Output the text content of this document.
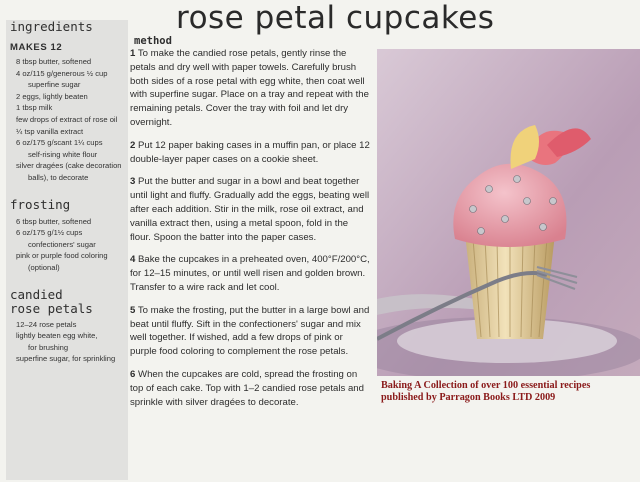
rose petal cupcakes
ingredients
MAKES 12
8 tbsp butter, softened
4 oz/115 g/generous ½ cup
superfine sugar
2 eggs, lightly beaten
1 tbsp milk
few drops of extract of rose oil
¼ tsp vanilla extract
6 oz/175 g/scant 1¼ cups
self-rising white flour
silver dragées (cake decoration
balls), to decorate
frosting
6 tbsp butter, softened
6 oz/175 g/1½ cups
confectioners' sugar
pink or purple food coloring
(optional)
candied
rose petals
12–24 rose petals
lightly beaten egg white,
for brushing
superfine sugar, for sprinkling
method

1 To make the candied rose petals, gently rinse the petals and dry well with paper towels. Carefully brush both sides of a rose petal with egg white, then coat well with superfine sugar. Place on a tray and repeat with the remaining petals. Cover the tray with foil and let dry overnight.

2 Put 12 paper baking cases in a muffin pan, or place 12 double-layer paper cases on a cookie sheet.

3 Put the butter and sugar in a bowl and beat together until light and fluffy. Gradually add the eggs, beating well after each addition. Stir in the milk, rose oil extract, and vanilla extract then, using a metal spoon, fold in the flour. Spoon the batter into the paper cases.

4 Bake the cupcakes in a preheated oven, 400°F/200°C, for 12–15 minutes, or until well risen and golden brown. Transfer to a wire rack and let cool.

5 To make the frosting, put the butter in a large bowl and beat until fluffy. Sift in the confectioners' sugar and mix well together. If wished, add a few drops of pink or purple food coloring to complement the rose petals.

6 When the cupcakes are cold, spread the frosting on top of each cake. Top with 1–2 candied rose petals and sprinkle with silver dragées to decorate.

Baking A Collection of over 100 essential recipes
published by Parragon Books LTD 2009
